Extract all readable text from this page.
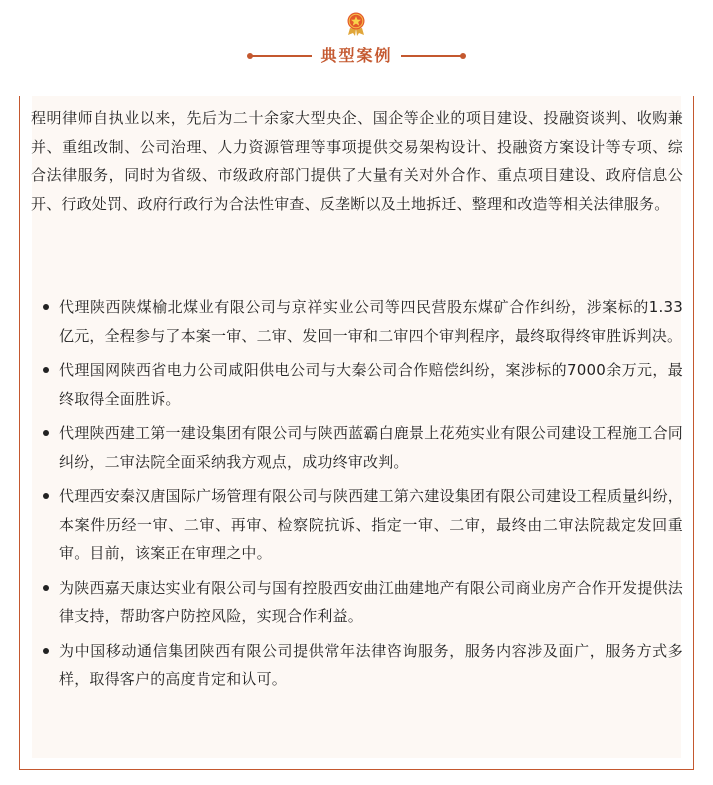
典型案例

程明律师自执业以来，先后为二十余家大型央企、国企等企业的项目建设、投融资谈判、收购兼并、重组改制、公司治理、人力资源管理等事项提供交易架构设计、投融资方案设计等专项、综合法律服务，同时为省级、市级政府部门提供了大量有关对外合作、重点项目建设、政府信息公开、行政处罚、政府行政行为合法性审查、反垄断以及土地拆迁、整理和改造等相关法律服务。

代理陕西陕煤榆北煤业有限公司与京祥实业公司等四民营股东煤矿合作纠纷，涉案标的1.33亿元，全程参与了本案一审、二审、发回一审和二审四个审判程序，最终取得终审胜诉判决。
代理国网陕西省电力公司咸阳供电公司与大秦公司合作赔偿纠纷，案涉标的7000余万元，最终取得全面胜诉。
代理陕西建工第一建设集团有限公司与陕西蓝霸白鹿景上花苑实业有限公司建设工程施工合同纠纷，二审法院全面采纳我方观点，成功终审改判。
代理西安秦汉唐国际广场管理有限公司与陕西建工第六建设集团有限公司建设工程质量纠纷，本案件历经一审、二审、再审、检察院抗诉、指定一审、二审，最终由二审法院裁定发回重审。目前，该案正在审理之中。
为陕西嘉天康达实业有限公司与国有控股西安曲江曲建地产有限公司商业房产合作开发提供法律支持，帮助客户防控风险，实现合作利益。
为中国移动通信集团陕西有限公司提供常年法律咨询服务，服务内容涉及面广，服务方式多样，取得客户的高度肯定和认可。
